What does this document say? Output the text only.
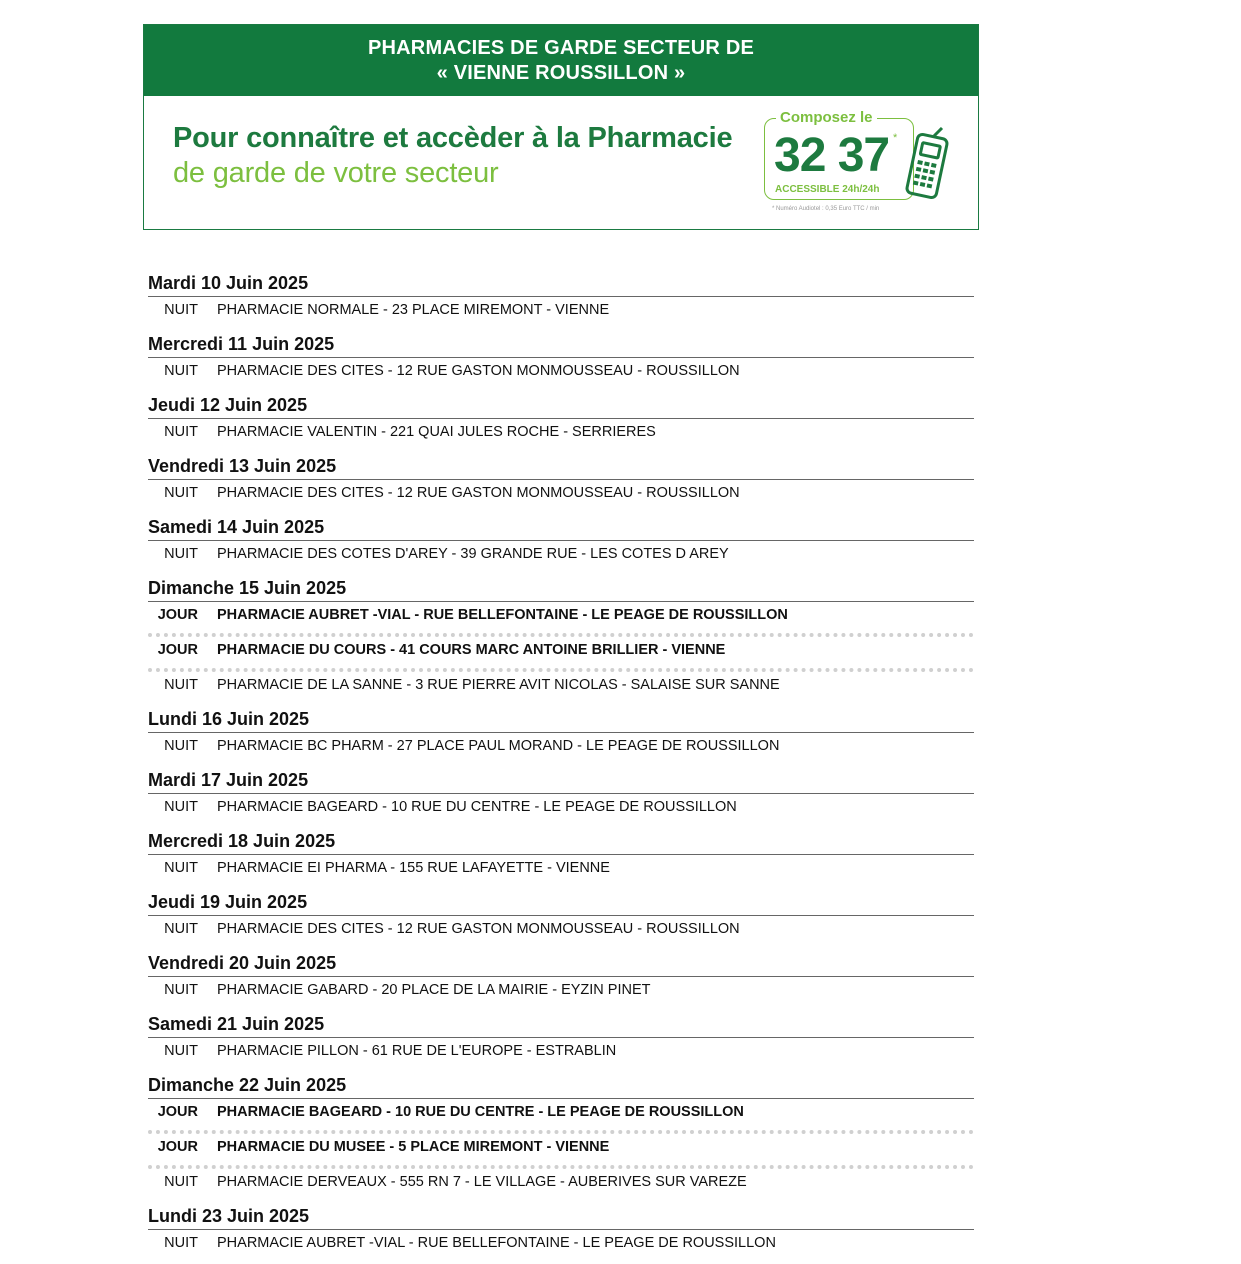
PHARMACIES DE GARDE SECTEUR DE
« VIENNE ROUSSILLON »
Pour connaître et accèder à la Pharmacie
de garde de votre secteur
Composez le
32 37 *
ACCESSIBLE 24h/24h
* Numéro Audiotel : 0,35 Euro TTC / min
Mardi 10 Juin 2025
NUIT	PHARMACIE NORMALE - 23 PLACE MIREMONT - VIENNE
Mercredi 11 Juin 2025
NUIT	PHARMACIE DES CITES - 12 RUE GASTON MONMOUSSEAU - ROUSSILLON
Jeudi 12 Juin 2025
NUIT	PHARMACIE VALENTIN - 221 QUAI JULES ROCHE - SERRIERES
Vendredi 13 Juin 2025
NUIT	PHARMACIE DES CITES - 12 RUE GASTON MONMOUSSEAU - ROUSSILLON
Samedi 14 Juin 2025
NUIT	PHARMACIE DES COTES D'AREY - 39 GRANDE RUE - LES COTES D AREY
Dimanche 15 Juin 2025
JOUR	PHARMACIE AUBRET -VIAL - RUE BELLEFONTAINE - LE PEAGE DE ROUSSILLON
JOUR	PHARMACIE DU COURS - 41 COURS MARC ANTOINE BRILLIER - VIENNE
NUIT	PHARMACIE DE LA SANNE - 3 RUE PIERRE AVIT NICOLAS - SALAISE SUR SANNE
Lundi 16 Juin 2025
NUIT	PHARMACIE BC PHARM - 27 PLACE PAUL MORAND - LE PEAGE DE ROUSSILLON
Mardi 17 Juin 2025
NUIT	PHARMACIE BAGEARD - 10 RUE DU CENTRE - LE PEAGE DE ROUSSILLON
Mercredi 18 Juin 2025
NUIT	PHARMACIE EI PHARMA - 155 RUE LAFAYETTE - VIENNE
Jeudi 19 Juin 2025
NUIT	PHARMACIE DES CITES - 12 RUE GASTON MONMOUSSEAU - ROUSSILLON
Vendredi 20 Juin 2025
NUIT	PHARMACIE GABARD - 20 PLACE DE LA MAIRIE - EYZIN PINET
Samedi 21 Juin 2025
NUIT	PHARMACIE PILLON - 61 RUE DE L'EUROPE - ESTRABLIN
Dimanche 22 Juin 2025
JOUR	PHARMACIE BAGEARD - 10 RUE DU CENTRE - LE PEAGE DE ROUSSILLON
JOUR	PHARMACIE DU MUSEE - 5 PLACE MIREMONT - VIENNE
NUIT	PHARMACIE DERVEAUX - 555 RN 7 - LE VILLAGE - AUBERIVES SUR VAREZE
Lundi 23 Juin 2025
NUIT	PHARMACIE AUBRET -VIAL - RUE BELLEFONTAINE - LE PEAGE DE ROUSSILLON
